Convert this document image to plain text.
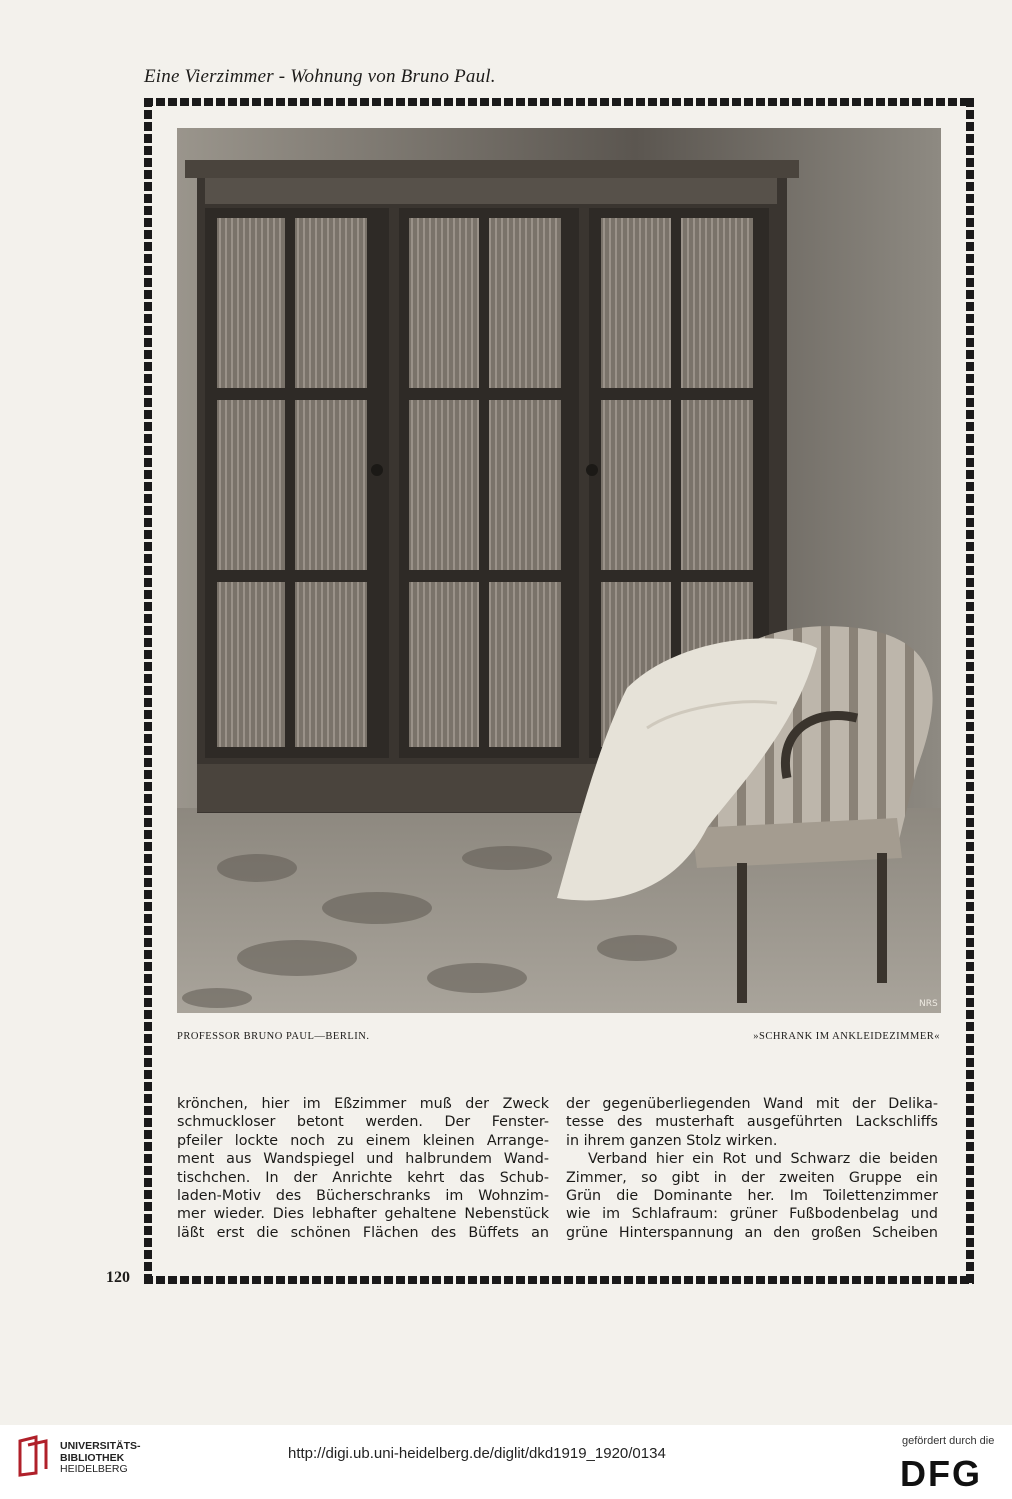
Eine Vierzimmer - Wohnung von Bruno Paul.
NRS
PROFESSOR BRUNO PAUL—BERLIN.	»SCHRANK IM ANKLEIDEZIMMER«
krönchen, hier im Eßzimmer muß der Zweck
schmuckloser betont werden. Der Fenster-
pfeiler lockte noch zu einem kleinen Arrange-
ment aus Wandspiegel und halbrundem Wand-
tischchen. In der Anrichte kehrt das Schub-
laden-Motiv des Bücherschranks im Wohnzim-
mer wieder. Dies lebhafter gehaltene Nebenstück
läßt erst die schönen Flächen des Büffets an
der gegenüberliegenden Wand mit der Delika-
tesse des musterhaft ausgeführten Lackschliffs
in ihrem ganzen Stolz wirken.
Verband hier ein Rot und Schwarz die beiden
Zimmer, so gibt in der zweiten Gruppe ein
Grün die Dominante her. Im Toilettenzimmer
wie im Schlafraum: grüner Fußbodenbelag und
grüne Hinterspannung an den großen Scheiben
120
UNIVERSITÄTS-
BIBLIOTHEK
HEIDELBERG
http://digi.ub.uni-heidelberg.de/diglit/dkd1919_1920/0134
gefördert durch die
DFG
